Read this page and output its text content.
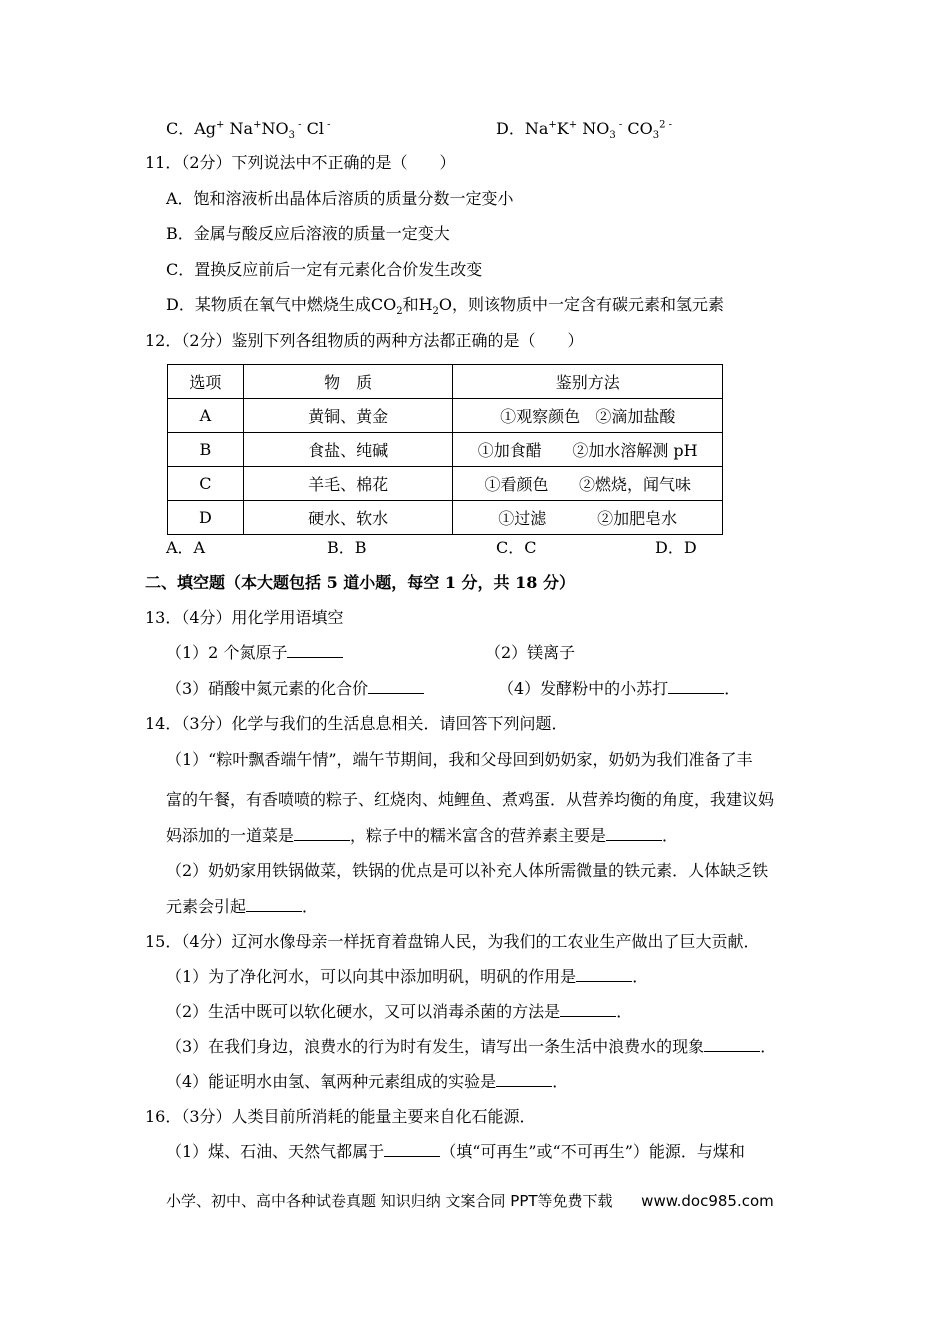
C．Ag+ $Na^+NO_3$ - Cl -	D．Na+K+ $NO_3$ - $CO_3^{2 -}$
11．（2分）下列说法中不正确的是（　　）
A．饱和溶液析出晶体后溶质的质量分数一定变小
B．金属与酸反应后溶液的质量一定变大
C．置换反应前后一定有元素化合价发生改变
D．某物质在氧气中燃烧生成$CO_2$和$H_2O$，则该物质中一定含有碳元素和氢元素
12．（2分）鉴别下列各组物质的两种方法都正确的是（　　）
选项	物　质	鉴别方法
A	黄铜、黄金	①观察颜色 ②滴加盐酸
B	食盐、纯碱	①加食醋 ②加水溶解测 pH
C	羊毛、棉花	①看颜色 ②燃烧，闻气味
D	硬水、软水	①过滤 ②加肥皂水
A．A	B．B	C．C	D．D
二、填空题（本大题包括 5 道小题，每空 1 分，共 18 分）
13．（4分）用化学用语填空
（1）2 个氮原子	（2）镁离子
（3）硝酸中氮元素的化合价	（4）发酵粉中的小苏打	．
14．（3分）化学与我们的生活息息相关．请回答下列问题．
（1）“粽叶飘香端午情”，端午节期间，我和父母回到奶奶家，奶奶为我们准备了丰
富的午餐，有香喷喷的粽子、红烧肉、炖鲤鱼、煮鸡蛋．从营养均衡的角度，我建议妈
妈添加的一道菜是	，粽子中的糯米富含的营养素主要是	．
（2）奶奶家用铁锅做菜，铁锅的优点是可以补充人体所需微量的铁元素．人体缺乏铁
元素会引起	．
15．（4分）辽河水像母亲一样抚育着盘锦人民，为我们的工农业生产做出了巨大贡献．
（1）为了净化河水，可以向其中添加明矾，明矾的作用是	．
（2）生活中既可以软化硬水，又可以消毒杀菌的方法是	．
（3）在我们身边，浪费水的行为时有发生，请写出一条生活中浪费水的现象	．
（4）能证明水由氢、氧两种元素组成的实验是	．
16．（3分）人类目前所消耗的能量主要来自化石能源．
（1）煤、石油、天然气都属于	（填“可再生”或“不可再生”）能源．与煤和
小学、初中、高中各种试卷真题 知识归纳 文案合同 PPT等免费下载 www.doc985.com
